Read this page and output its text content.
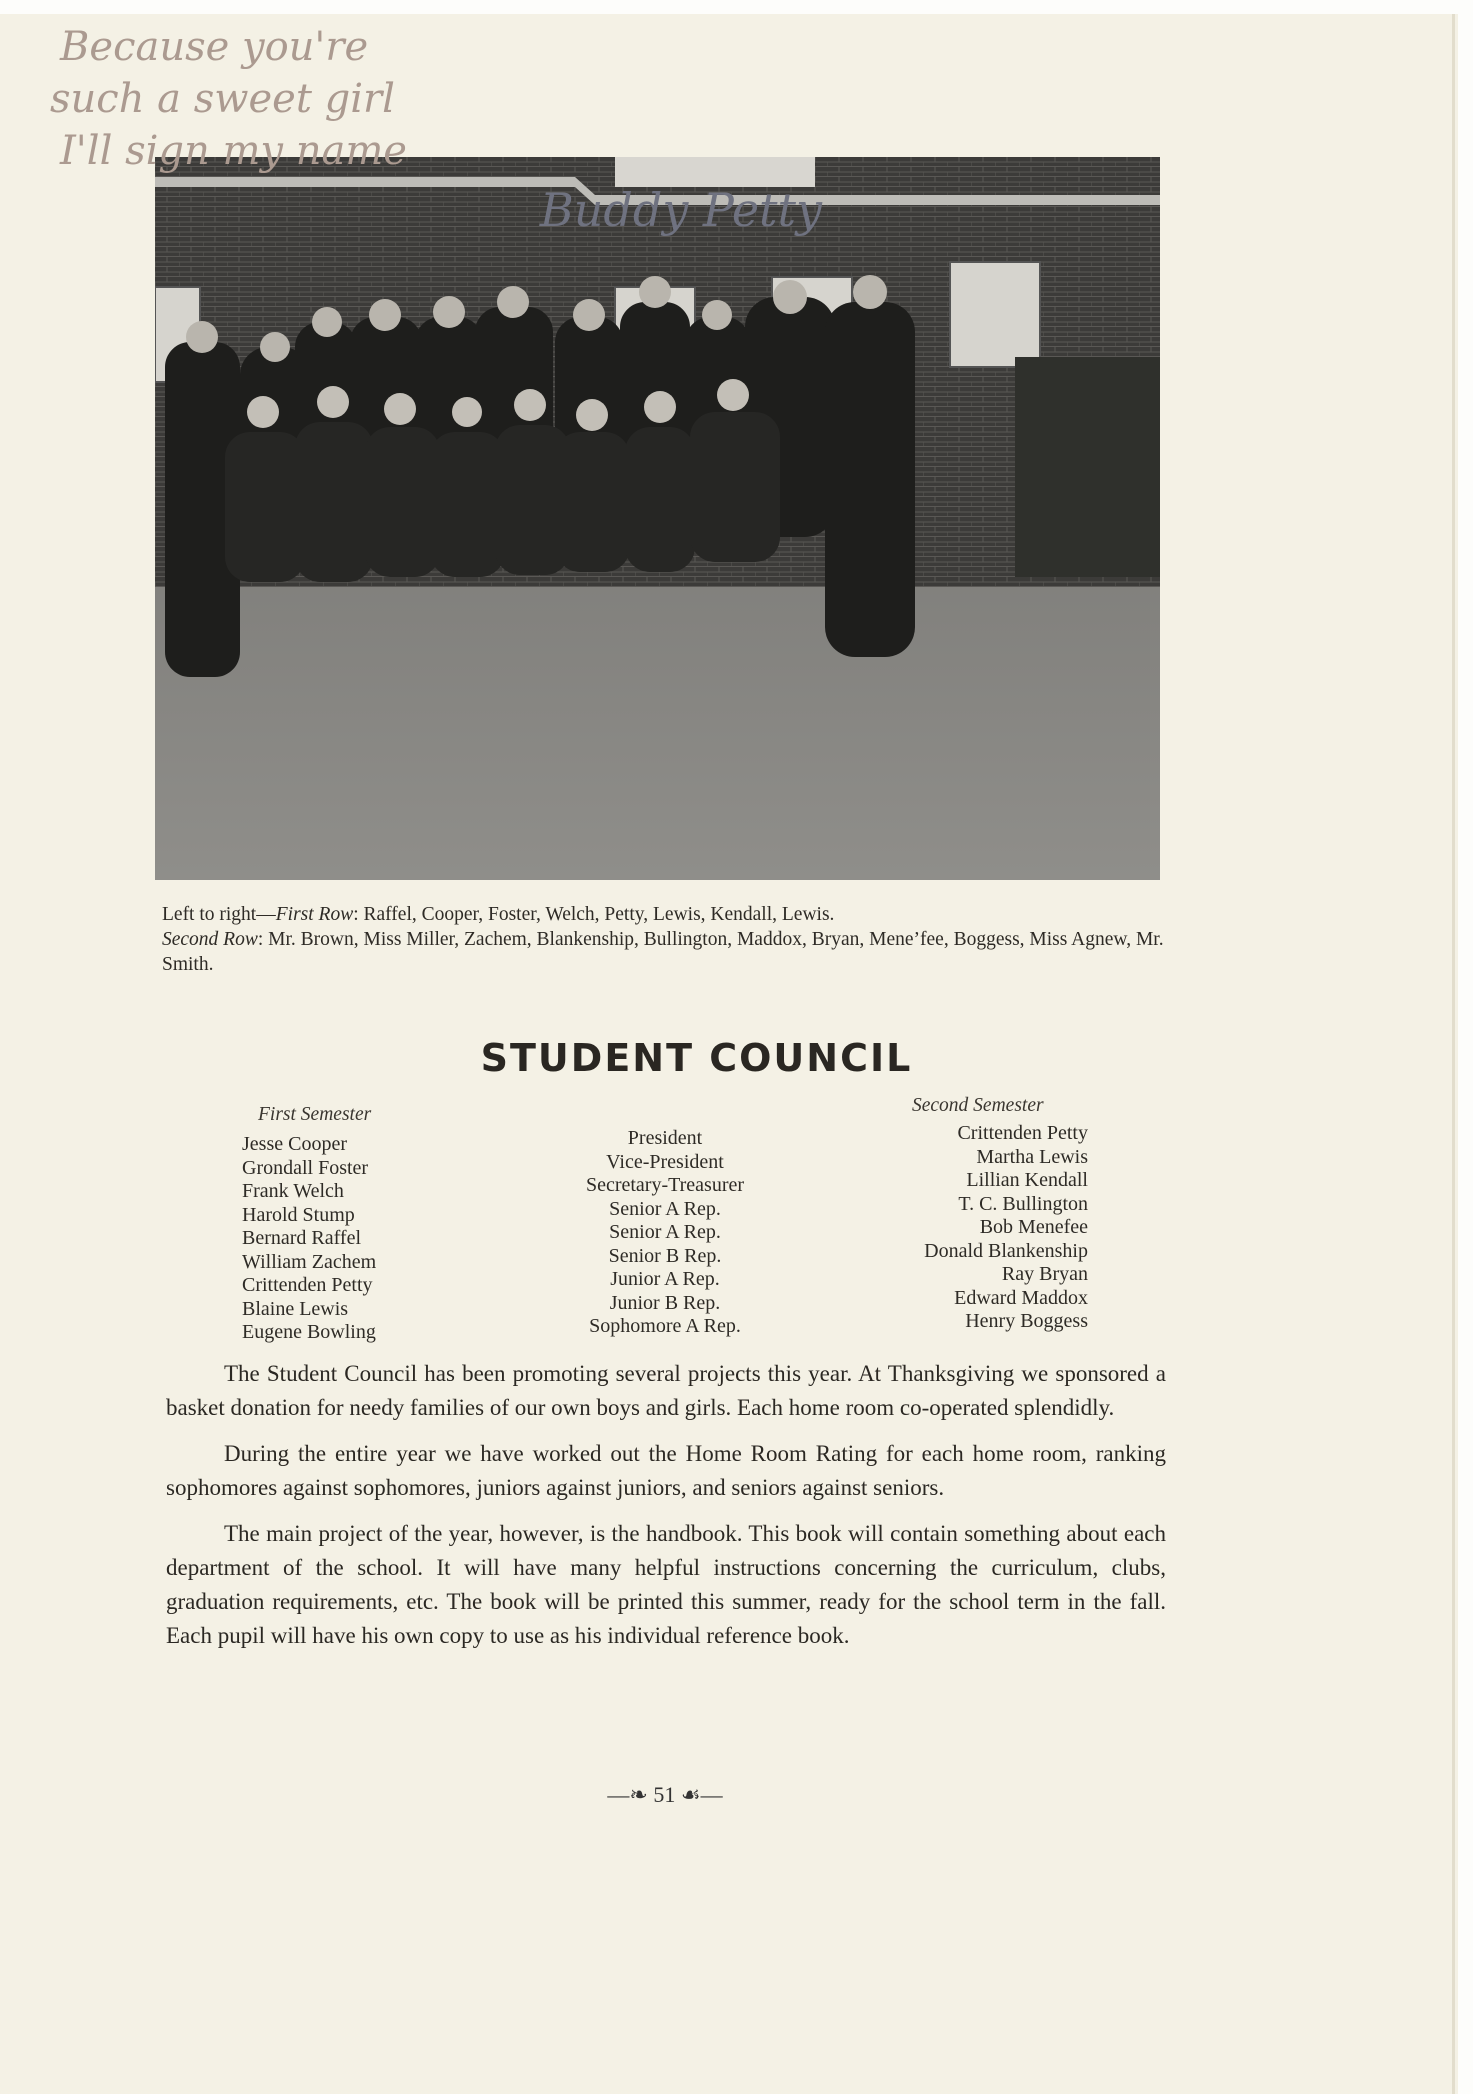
Because you're
such a sweet girl
I'll sign my name
Buddy Petty
Left to right—First Row: Raffel, Cooper, Foster, Welch, Petty, Lewis, Kendall, Lewis.
Second Row: Mr. Brown, Miss Miller, Zachem, Blankenship, Bullington, Maddox, Bryan, Mene’fee, Boggess, Miss Agnew, Mr. Smith.
STUDENT COUNCIL
First Semester	Second Semester
Jesse Cooper
Grondall Foster
Frank Welch
Harold Stump
Bernard Raffel
William Zachem
Crittenden Petty
Blaine Lewis
Eugene Bowling
President
Vice-President
Secretary-Treasurer
Senior A Rep.
Senior A Rep.
Senior B Rep.
Junior A Rep.
Junior B Rep.
Sophomore A Rep.
Crittenden Petty
Martha Lewis
Lillian Kendall
T. C. Bullington
Bob Menefee
Donald Blankenship
Ray Bryan
Edward Maddox
Henry Boggess

The Student Council has been promoting several projects this year. At Thanksgiving we sponsored a basket donation for needy families of our own boys and girls. Each home room co-operated splendidly.

During the entire year we have worked out the Home Room Rating for each home room, ranking sophomores against sophomores, juniors against juniors, and seniors against seniors.

The main project of the year, however, is the handbook. This book will contain something about each department of the school. It will have many helpful instructions concerning the curriculum, clubs, graduation requirements, etc. The book will be printed this summer, ready for the school term in the fall. Each pupil will have his own copy to use as his individual reference book.

—❧ 51 ☙—
